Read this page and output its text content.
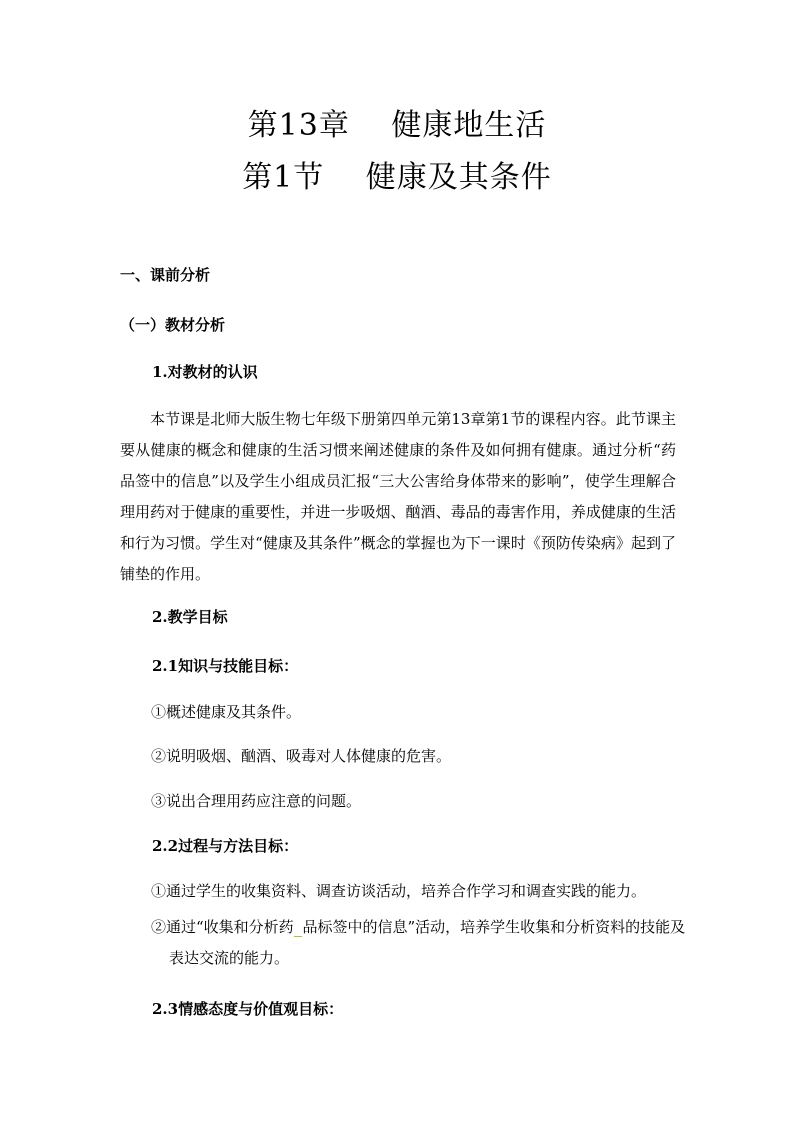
第13章　 健康地生活
第1节　 健康及其条件
一、课前分析
（一）教材分析
1.对教材的认识
本节课是北师大版生物七年级下册第四单元第13章第1节的课程内容。此节课主要从健康的概念和健康的生活习惯来阐述健康的条件及如何拥有健康。通过分析“药品签中的信息”以及学生小组成员汇报“三大公害给身体带来的影响”，使学生理解合理用药对于健康的重要性，并进一步吸烟、酗酒、毒品的毒害作用，养成健康的生活和行为习惯。学生对“健康及其条件”概念的掌握也为下一课时《预防传染病》起到了铺垫的作用。
2.教学目标
2.1知识与技能目标：
①概述健康及其条件。
②说明吸烟、酗酒、吸毒对人体健康的危害。
③说出合理用药应注意的问题。
2.2过程与方法目标：
①通过学生的收集资料、调查访谈活动，培养合作学习和调查实践的能力。
②通过“收集和分析药 品标签中的信息”活动，培养学生收集和分析资料的技能及表达交流的能力。
2.3情感态度与价值观目标：
